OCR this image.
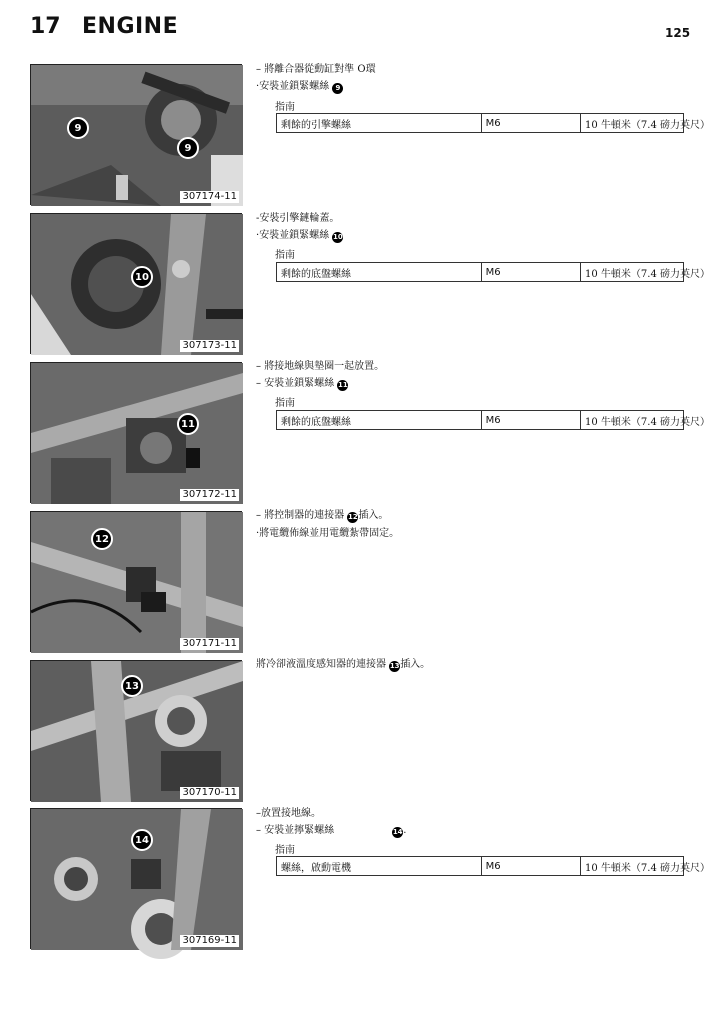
17 ENGINE	125
9
9
307174-11
– 將離合器從動缸對準 O環
·安裝並鎖緊螺絲 9
指南
剩餘的引擎螺絲	M6	10 牛頓米（7.4 磅力英尺）
10
307173-11
-安裝引擎鏈輪蓋。
·安裝並鎖緊螺絲 10
指南
剩餘的底盤螺絲	M6	10 牛頓米（7.4 磅力英尺）
11
307172-11
– 將接地線與墊圈一起放置。
– 安裝並鎖緊螺絲 11
指南
剩餘的底盤螺絲	M6	10 牛頓米（7.4 磅力英尺）
12
307171-11
– 將控制器的連接器 12插入。
·將電纜佈線並用電纜紮帶固定。
13
307170-11
將冷卻液溫度感知器的連接器 13插入。
14
307169-11
–放置接地線。
– 安裝並擰緊螺絲	14.
指南
螺絲，啟動電機	M6	10 牛頓米（7.4 磅力英尺）
